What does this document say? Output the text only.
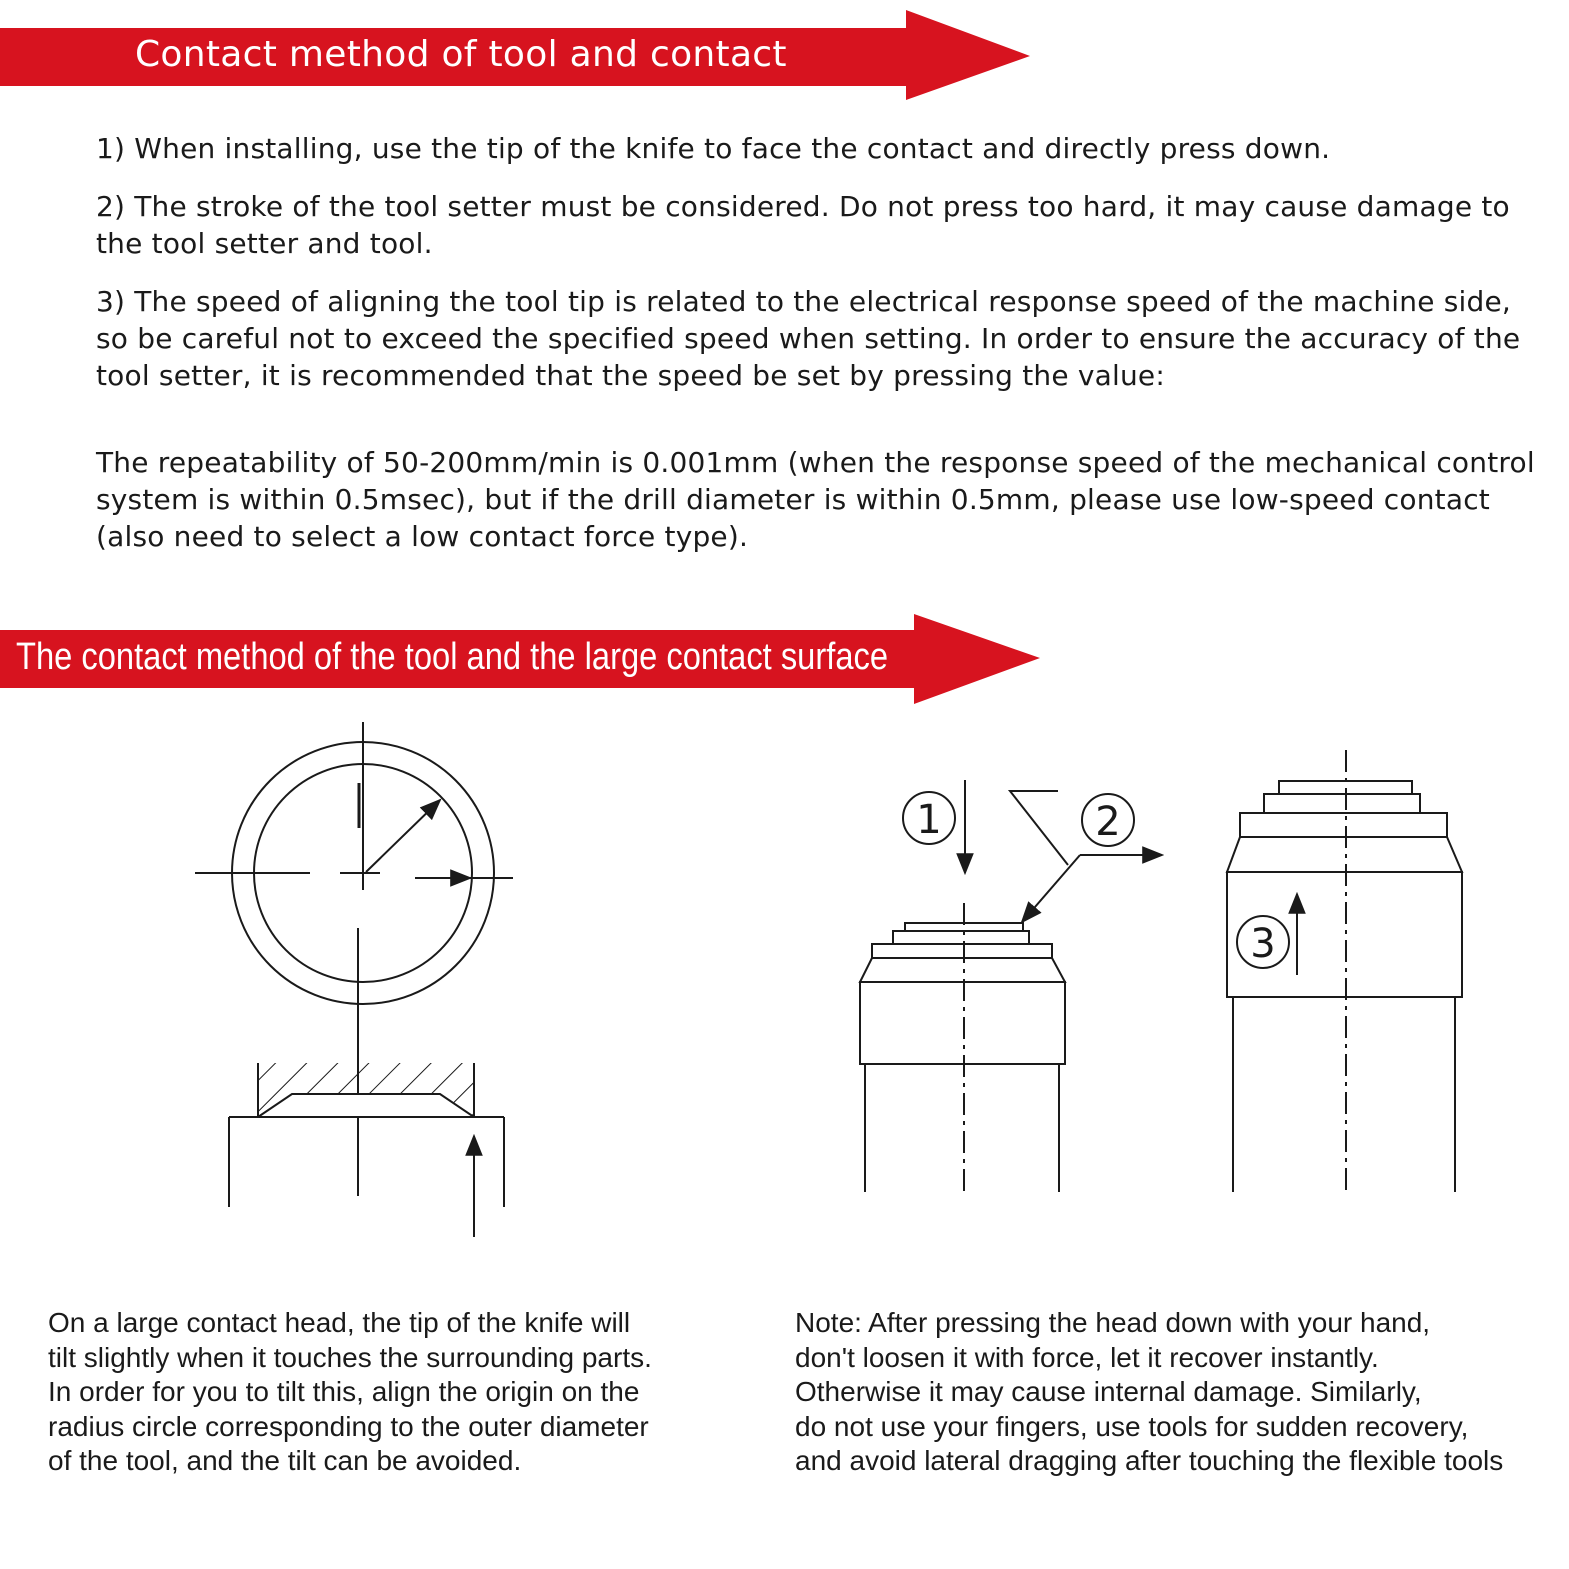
Contact method of tool and contact

1) When installing, use the tip of the knife to face the contact and directly press down.

2) The stroke of the tool setter must be considered. Do not press too hard, it may cause damage to the tool setter and tool.

3) The speed of aligning the tool tip is related to the electrical response speed of the machine side, so be careful not to exceed the specified speed when setting. In order to ensure the accuracy of the tool setter, it is recommended that the speed be set by pressing the value:

The repeatability of 50-200mm/min is 0.001mm (when the response speed of the mechanical control system is within 0.5msec), but if the drill diameter is within 0.5mm, please use low-speed contact (also need to select a low contact force type).

The contact method of the tool and the large contact surface
1	2
3
On a large contact head, the tip of the knife will
tilt slightly when it touches the surrounding parts.
In order for you to tilt this, align the origin on the
radius circle corresponding to the outer diameter
of the tool, and the tilt can be avoided.
Note: After pressing the head down with your hand,
don't loosen it with force, let it recover instantly.
Otherwise it may cause internal damage. Similarly,
do not use your fingers, use tools for sudden recovery,
and avoid lateral dragging after touching the flexible tools
